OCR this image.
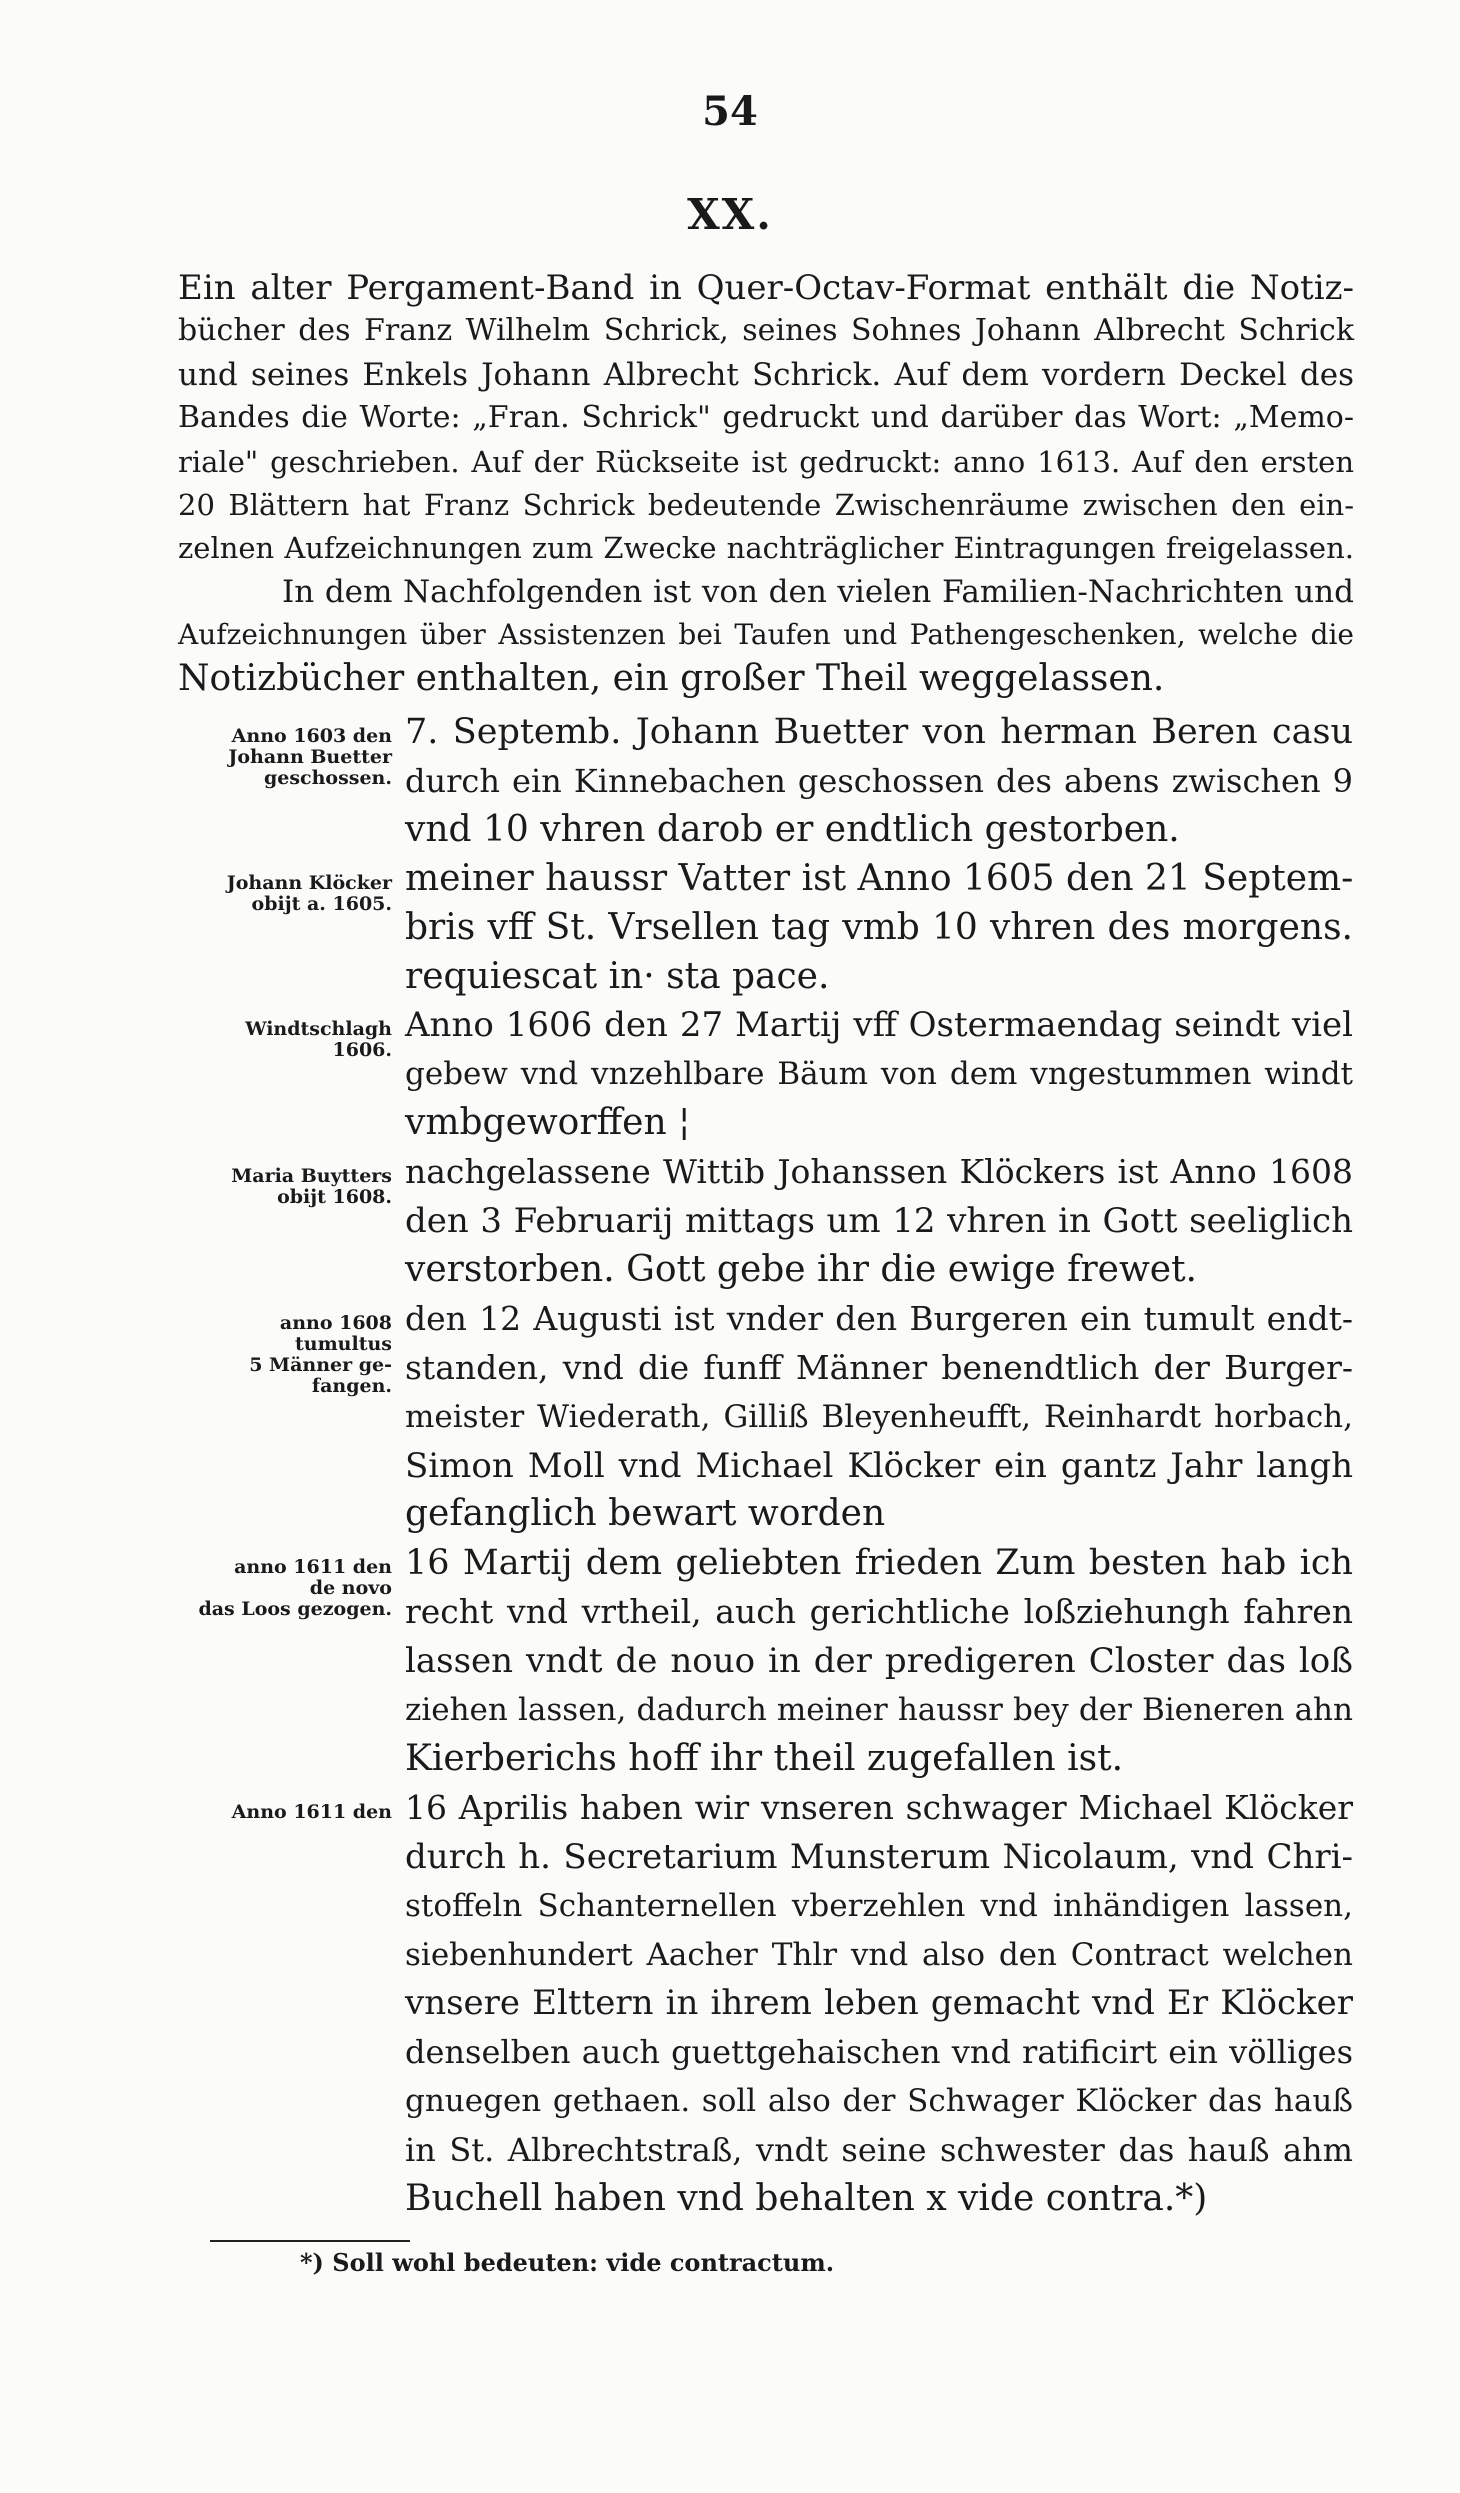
54
XX.
Ein alter Pergament-Band in Quer-Octav-Format enthält die Notiz-
bücher des Franz Wilhelm Schrick, seines Sohnes Johann Albrecht Schrick
und seines Enkels Johann Albrecht Schrick. Auf dem vordern Deckel des
Bandes die Worte: „Fran. Schrick" gedruckt und darüber das Wort: „Memo-
riale" geschrieben. Auf der Rückseite ist gedruckt: anno 1613. Auf den ersten
20 Blättern hat Franz Schrick bedeutende Zwischenräume zwischen den ein-
zelnen Aufzeichnungen zum Zwecke nachträglicher Eintragungen freigelassen.
In dem Nachfolgenden ist von den vielen Familien-Nachrichten und
Aufzeichnungen über Assistenzen bei Taufen und Pathengeschenken, welche die
Notizbücher enthalten, ein großer Theil weggelassen.
Anno 1603 den
Johann Buetter
geschossen.
7. Septemb. Johann Buetter von herman Beren casu
durch ein Kinnebachen geschossen des abens zwischen 9
vnd 10 vhren darob er endtlich gestorben.
Johann Klöcker
obijt a. 1605.
meiner haussr Vatter ist Anno 1605 den 21 Septem-
bris vff St. Vrsellen tag vmb 10 vhren des morgens.
requiescat in· sta pace.
Windtschlagh
1606.
Anno 1606 den 27 Martij vff Ostermaendag seindt viel
gebew vnd vnzehlbare Bäum von dem vngestummen windt
vmbgeworffen ¦
Maria Buytters
obijt 1608.
nachgelassene Wittib Johanssen Klöckers ist Anno 1608
den 3 Februarij mittags um 12 vhren in Gott seeliglich
verstorben. Gott gebe ihr die ewige frewet.
anno 1608
tumultus
5 Männer ge-
fangen.
den 12 Augusti ist vnder den Burgeren ein tumult endt-
standen, vnd die funff Männer benendtlich der Burger-
meister Wiederath, Gilliß Bleyenheufft, Reinhardt horbach,
Simon Moll vnd Michael Klöcker ein gantz Jahr langh
gefanglich bewart worden
anno 1611 den
de novo
das Loos gezogen.
16 Martij dem geliebten frieden Zum besten hab ich
recht vnd vrtheil, auch gerichtliche loßziehungh fahren
lassen vndt de nouo in der predigeren Closter das loß
ziehen lassen, dadurch meiner haussr bey der Bieneren ahn
Kierberichs hoff ihr theil zugefallen ist.
Anno 1611 den 16 Aprilis haben wir vnseren schwager Michael Klöcker
durch h. Secretarium Munsterum Nicolaum, vnd Chri-
stoffeln Schanternellen vberzehlen vnd inhändigen lassen,
siebenhundert Aacher Thlr vnd also den Contract welchen
vnsere Elttern in ihrem leben gemacht vnd Er Klöcker
denselben auch guettgehaischen vnd ratificirt ein völliges
gnuegen gethaen. soll also der Schwager Klöcker das hauß
in St. Albrechtstraß, vndt seine schwester das hauß ahm
Buchell haben vnd behalten x vide contra.*)
*) Soll wohl bedeuten: vide contractum.
